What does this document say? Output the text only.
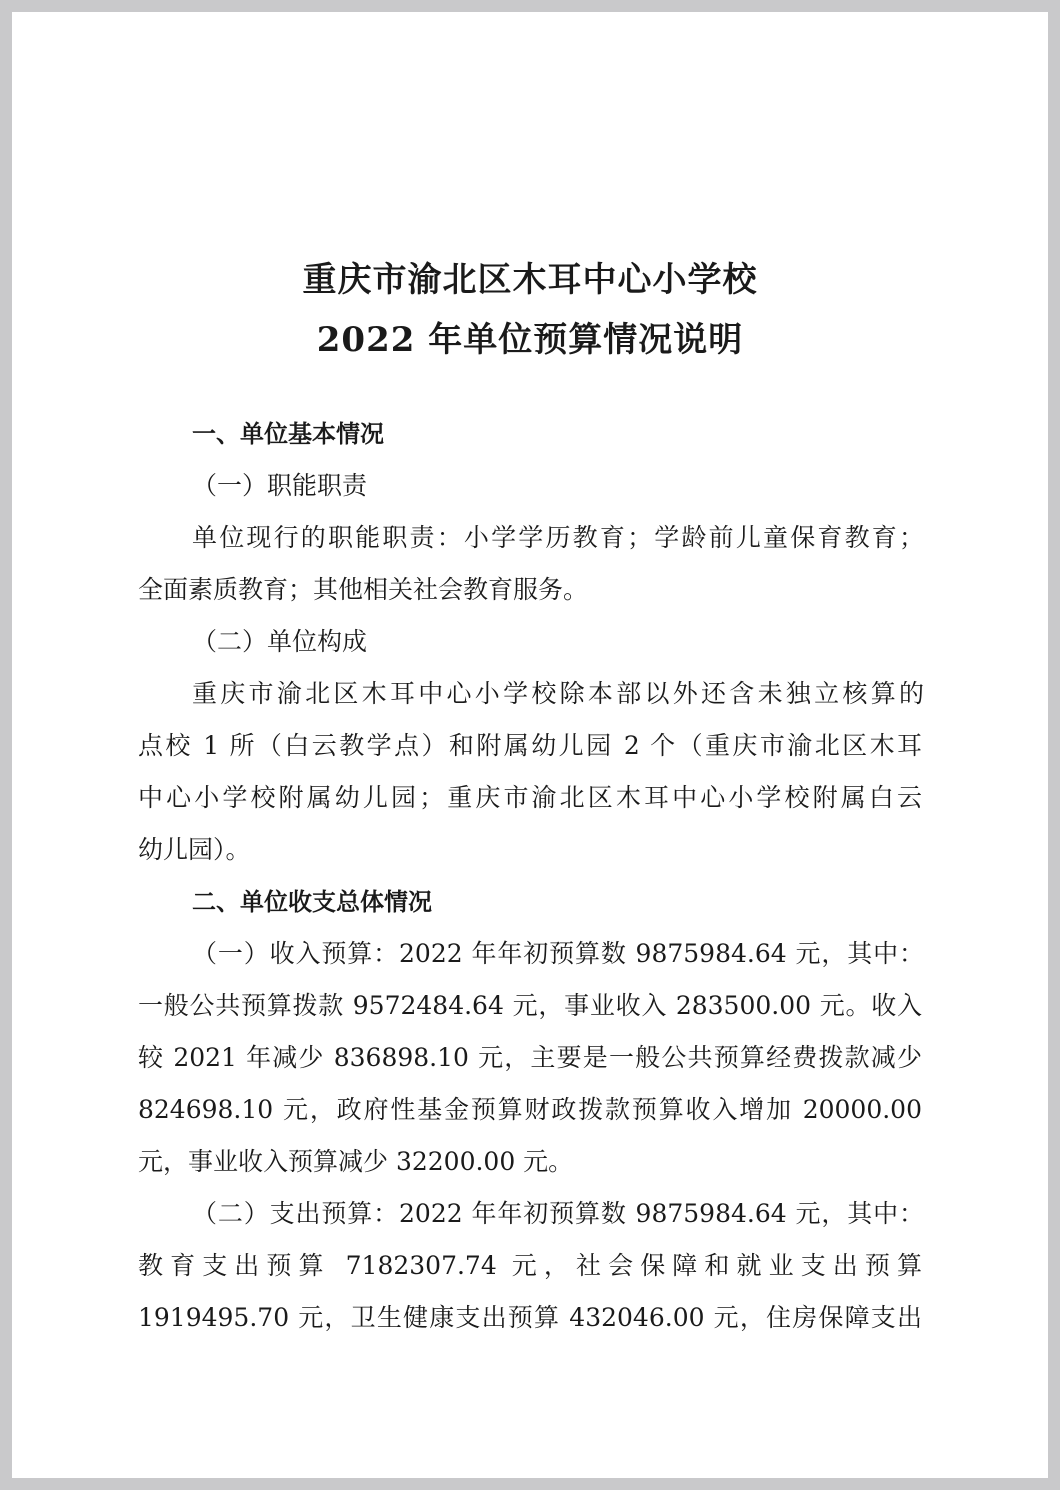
重庆市渝北区木耳中心小学校
2022 年单位预算情况说明
一、单位基本情况
（一）职能职责
单位现行的职能职责：小学学历教育；学龄前儿童保育教育；
全面素质教育；其他相关社会教育服务。
（二）单位构成
重庆市渝北区木耳中心小学校除本部以外还含未独立核算的
点校 1 所（白云教学点）和附属幼儿园 2 个（重庆市渝北区木耳
中心小学校附属幼儿园；重庆市渝北区木耳中心小学校附属白云
幼儿园）。
二、单位收支总体情况
（一）收入预算：2022 年年初预算数 9875984.64 元，其中：
一般公共预算拨款 9572484.64 元，事业收入 283500.00 元。收入
较 2021 年减少 836898.10 元，主要是一般公共预算经费拨款减少
824698.10 元，政府性基金预算财政拨款预算收入增加 20000.00
元，事业收入预算减少 32200.00 元。
（二）支出预算：2022 年年初预算数 9875984.64 元，其中：
教育支出预算 7182307.74 元，社会保障和就业支出预算
1919495.70 元，卫生健康支出预算 432046.00 元，住房保障支出
